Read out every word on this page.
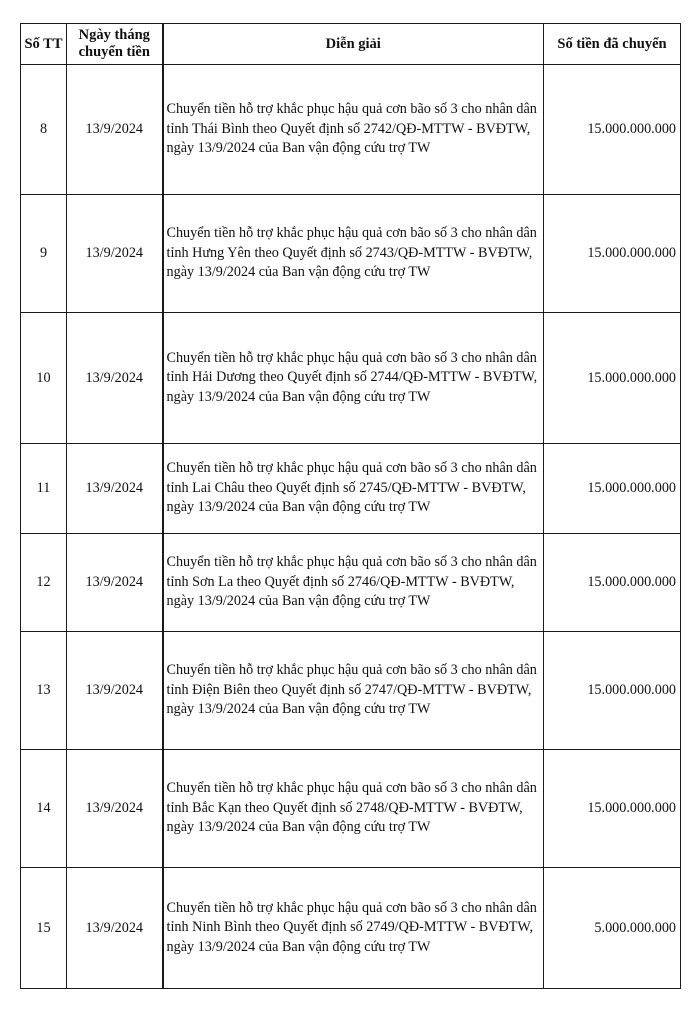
Số TT	Ngày tháng chuyển tiền	Diễn giải	Số tiền đã chuyển
8	13/9/2024	Chuyển tiền hỗ trợ khắc phục hậu quả cơn bão số 3 cho nhân dân tỉnh Thái Bình theo Quyết định số 2742/QĐ-MTTW - BVĐTW, ngày 13/9/2024 của Ban vận động cứu trợ TW	15.000.000.000
9	13/9/2024	Chuyển tiền hỗ trợ khắc phục hậu quả cơn bão số 3 cho nhân dân tỉnh Hưng Yên theo Quyết định số 2743/QĐ-MTTW - BVĐTW, ngày 13/9/2024 của Ban vận động cứu trợ TW	15.000.000.000
10	13/9/2024	Chuyển tiền hỗ trợ khắc phục hậu quả cơn bão số 3 cho nhân dân tỉnh Hải Dương theo Quyết định số 2744/QĐ-MTTW - BVĐTW, ngày 13/9/2024 của Ban vận động cứu trợ TW	15.000.000.000
11	13/9/2024	Chuyển tiền hỗ trợ khắc phục hậu quả cơn bão số 3 cho nhân dân tỉnh Lai Châu theo Quyết định số 2745/QĐ-MTTW - BVĐTW, ngày 13/9/2024 của Ban vận động cứu trợ TW	15.000.000.000
12	13/9/2024	Chuyển tiền hỗ trợ khắc phục hậu quả cơn bão số 3 cho nhân dân tỉnh Sơn La theo Quyết định số 2746/QĐ-MTTW - BVĐTW, ngày 13/9/2024 của Ban vận động cứu trợ TW	15.000.000.000
13	13/9/2024	Chuyển tiền hỗ trợ khắc phục hậu quả cơn bão số 3 cho nhân dân tỉnh Điện Biên theo Quyết định số 2747/QĐ-MTTW - BVĐTW, ngày 13/9/2024 của Ban vận động cứu trợ TW	15.000.000.000
14	13/9/2024	Chuyển tiền hỗ trợ khắc phục hậu quả cơn bão số 3 cho nhân dân tỉnh Bắc Kạn theo Quyết định số 2748/QĐ-MTTW - BVĐTW, ngày 13/9/2024 của Ban vận động cứu trợ TW	15.000.000.000
15	13/9/2024	Chuyển tiền hỗ trợ khắc phục hậu quả cơn bão số 3 cho nhân dân tỉnh Ninh Bình theo Quyết định số 2749/QĐ-MTTW - BVĐTW, ngày 13/9/2024 của Ban vận động cứu trợ TW	5.000.000.000
